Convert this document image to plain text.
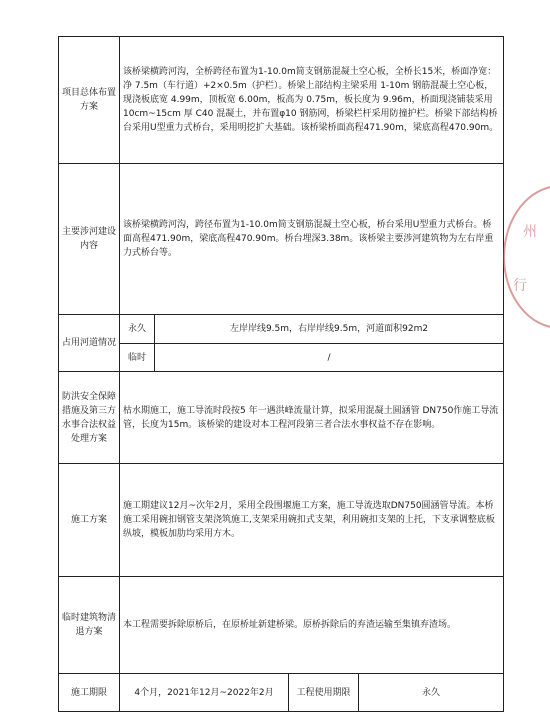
项目总体布置方案	该桥梁横跨河沟，全桥跨径布置为1-10.0m简支钢筋混凝土空心板，全桥长15米，桥面净宽：净 7.5m（车行道）+2×0.5m（护栏）。桥梁上部结构主梁采用 1-10m 钢筋混凝土空心板，现浇板底宽 4.99m，顶板宽 6.00m，板高为 0.75m，板长度为 9.96m，桥面现浇铺装采用 10cm~15cm 厚 C40 混凝土，并布置φ10 钢筋网，桥梁栏杆采用防撞护栏。桥梁下部结构桥台采用U型重力式桥台，采用明挖扩大基础。该桥梁桥面高程471.90m，梁底高程470.90m。			
主要涉河建设内容	该桥梁横跨河沟，跨径布置为1-10.0m简支钢筋混凝土空心板，桥台采用U型重力式桥台。桥面高程471.90m，梁底高程470.90m。桥台埋深3.38m。该桥梁主要涉河建筑物为左右岸重力式桥台等。			
占用河道情况	永久	左岸岸线9.5m，右岸岸线9.5m，河道面积92m2		
	临时	/		
防洪安全保障措施及第三方水事合法权益处理方案	枯水期施工，施工导流时段按5 年一遇洪峰流量计算，拟采用混凝土圆涵管 DN750作施工导流管，长度为15m。该桥梁的建设对本工程河段第三者合法水事权益不存在影响。			
施工方案	施工期建议12月~次年2月，采用全段围堰施工方案，施工导流选取DN750圆涵管导流。本桥施工采用碗扣钢管支架浇筑施工,支架采用碗扣式支架，利用碗扣支架的上托，下支承调整底板纵坡，模板加肋均采用方木。			
临时建筑物清退方案	本工程需要拆除原桥后，在原桥址新建桥梁。原桥拆除后的弃渣运输至集镇弃渣场。			
施工期限	4个月，2021年12月~2022年2月		工程使用期限	永久
州
行
